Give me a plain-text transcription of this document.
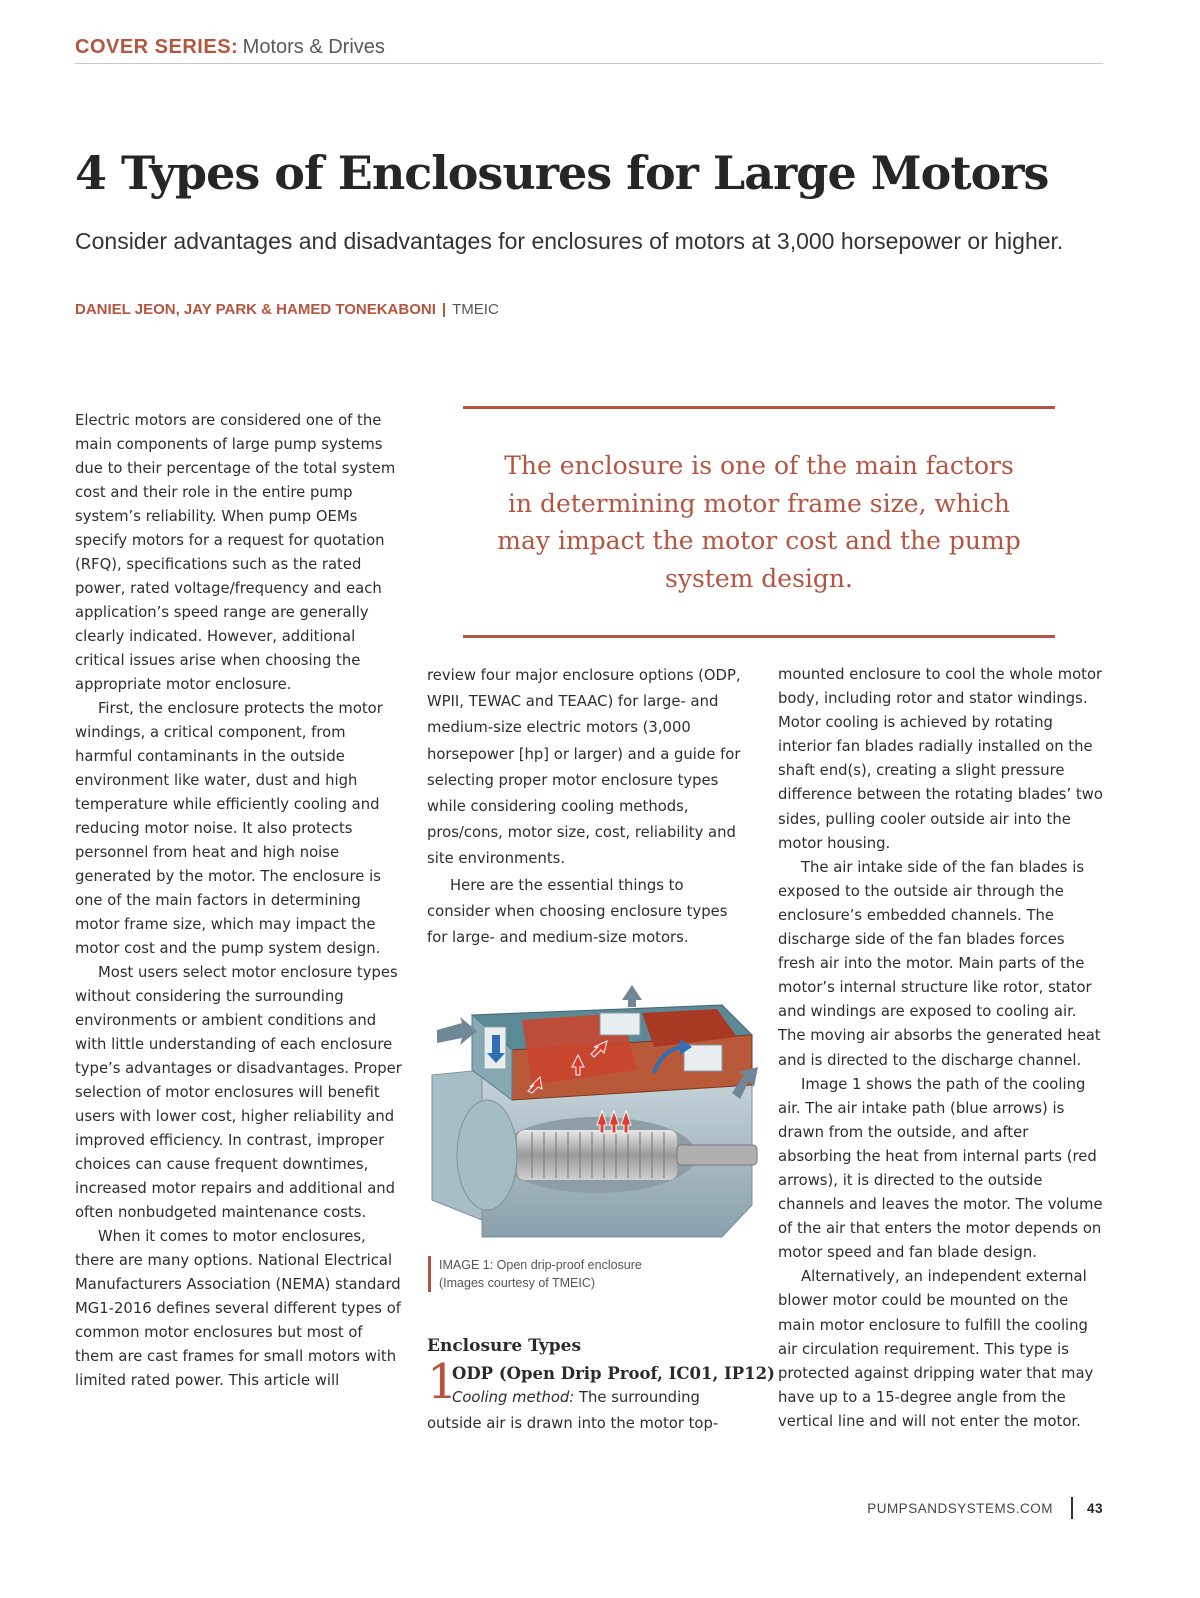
COVER SERIES: Motors & Drives
4 Types of Enclosures for Large Motors
Consider advantages and disadvantages for enclosures of motors at 3,000 horsepower or higher.
DANIEL JEON, JAY PARK & HAMED TONEKABONI | TMEIC

Electric motors are considered one of the main components of large pump systems due to their percentage of the total system cost and their role in the entire pump system’s reliability. When pump OEMs specify motors for a request for quotation (RFQ), specifications such as the rated power, rated voltage/frequency and each application’s speed range are generally clearly indicated. However, additional critical issues arise when choosing the appropriate motor enclosure.

First, the enclosure protects the motor windings, a critical component, from harmful contaminants in the outside environment like water, dust and high temperature while efficiently cooling and reducing motor noise. It also protects personnel from heat and high noise generated by the motor. The enclosure is one of the main factors in determining motor frame size, which may impact the motor cost and the pump system design.

Most users select motor enclosure types without considering the surrounding environments or ambient conditions and with little understanding of each enclosure type’s advantages or disadvantages. Proper selection of motor enclosures will benefit users with lower cost, higher reliability and improved efficiency. In contrast, improper choices can cause frequent downtimes, increased motor repairs and additional and often nonbudgeted maintenance costs.

When it comes to motor enclosures, there are many options. National Electrical Manufacturers Association (NEMA) standard MG1-2016 defines several different types of common motor enclosures but most of them are cast frames for small motors with limited rated power. This article will

The enclosure is one of the main factors in determining motor frame size, which may impact the motor cost and the pump system design.

review four major enclosure options (ODP, WPII, TEWAC and TEAAC) for large- and medium-size electric motors (3,000 horsepower [hp] or larger) and a guide for selecting proper motor enclosure types while considering cooling methods, pros/cons, motor size, cost, reliability and site environments.

Here are the essential things to consider when choosing enclosure types for large- and medium-size motors.

IMAGE 1: Open drip-proof enclosure
(Images courtesy of TMEIC)
Enclosure Types
1
ODP (Open Drip Proof, IC01, IP12)
Cooling method: The surrounding
outside air is drawn into the motor top-

mounted enclosure to cool the whole motor body, including rotor and stator windings. Motor cooling is achieved by rotating interior fan blades radially installed on the shaft end(s), creating a slight pressure difference between the rotating blades’ two sides, pulling cooler outside air into the motor housing.

The air intake side of the fan blades is exposed to the outside air through the enclosure’s embedded channels. The discharge side of the fan blades forces fresh air into the motor. Main parts of the motor’s internal structure like rotor, stator and windings are exposed to cooling air. The moving air absorbs the generated heat and is directed to the discharge channel.

Image 1 shows the path of the cooling air. The air intake path (blue arrows) is drawn from the outside, and after absorbing the heat from internal parts (red arrows), it is directed to the outside channels and leaves the motor. The volume of the air that enters the motor depends on motor speed and fan blade design.

Alternatively, an independent external blower motor could be mounted on the main motor enclosure to fulfill the cooling air circulation requirement. This type is protected against dripping water that may have up to a 15-degree angle from the vertical line and will not enter the motor.

PUMPSANDSYSTEMS.COM	43
